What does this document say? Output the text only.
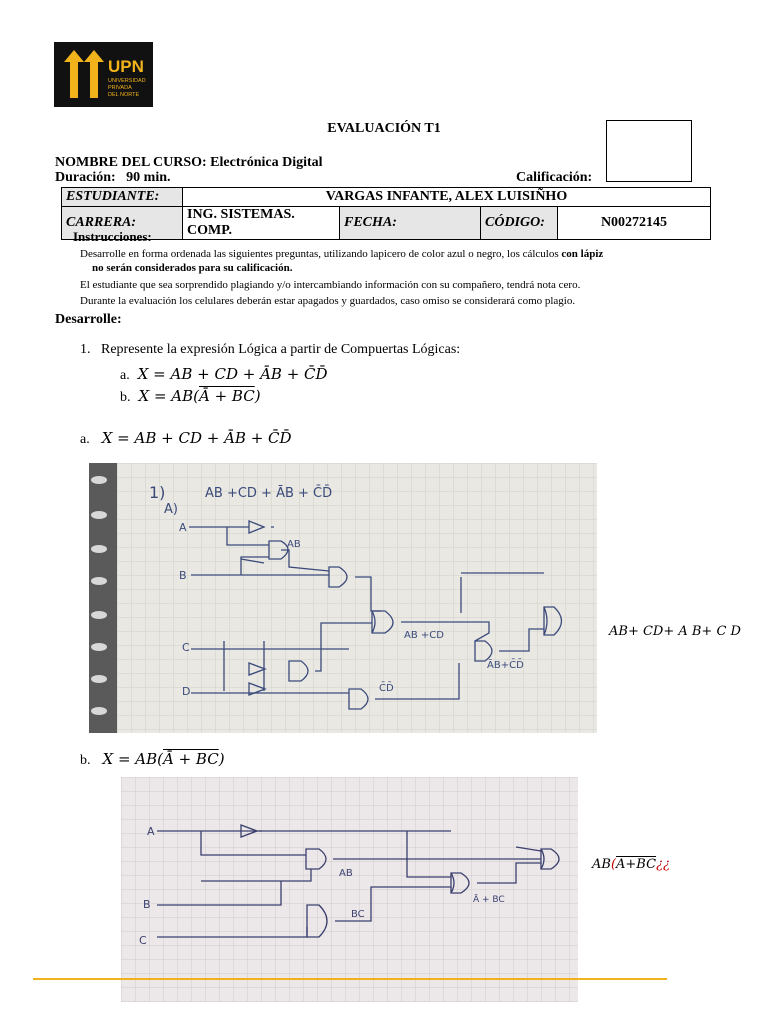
UPN
UNIVERSIDAD
PRIVADA
DEL NORTE
EVALUACIÓN T1
NOMBRE DEL CURSO: Electrónica Digital
Duración:   90 min.	Calificación:
ESTUDIANTE:	VARGAS INFANTE, ALEX LUISIÑHO			
CARRERA:	ING. SISTEMAS. COMP.	FECHA:	CÓDIGO:	N00272145
Instrucciones:
Desarrolle en forma ordenada las siguientes preguntas, utilizando lapicero de color azul o negro, los cálculos con lápiz
no serán considerados para su calificación.
El estudiante que sea sorprendido plagiando y/o intercambiando información con su compañero, tendrá nota cero.
Durante la evaluación los celulares deberán estar apagados y guardados, caso omiso se considerará como plagio.
Desarrolle:
1.   Represente la expresión Lógica a partir de Compuertas Lógicas:
a. X = AB + CD + ĀB + C̄D̄
b. X = AB(Ā + BC)
a. X = AB + CD + ĀB + C̄D̄
1)
A)
AB +CD + ĀB + C̄D̄
A
B
C
D
AB
AB +CD
ĀB+C̄D̄
C̄D̄
AB+ CD+ A B+ C D
b. X = AB(Ā + BC)
A
B
C
AB
BC
Ā + BC
AB(A+BC¿¿
